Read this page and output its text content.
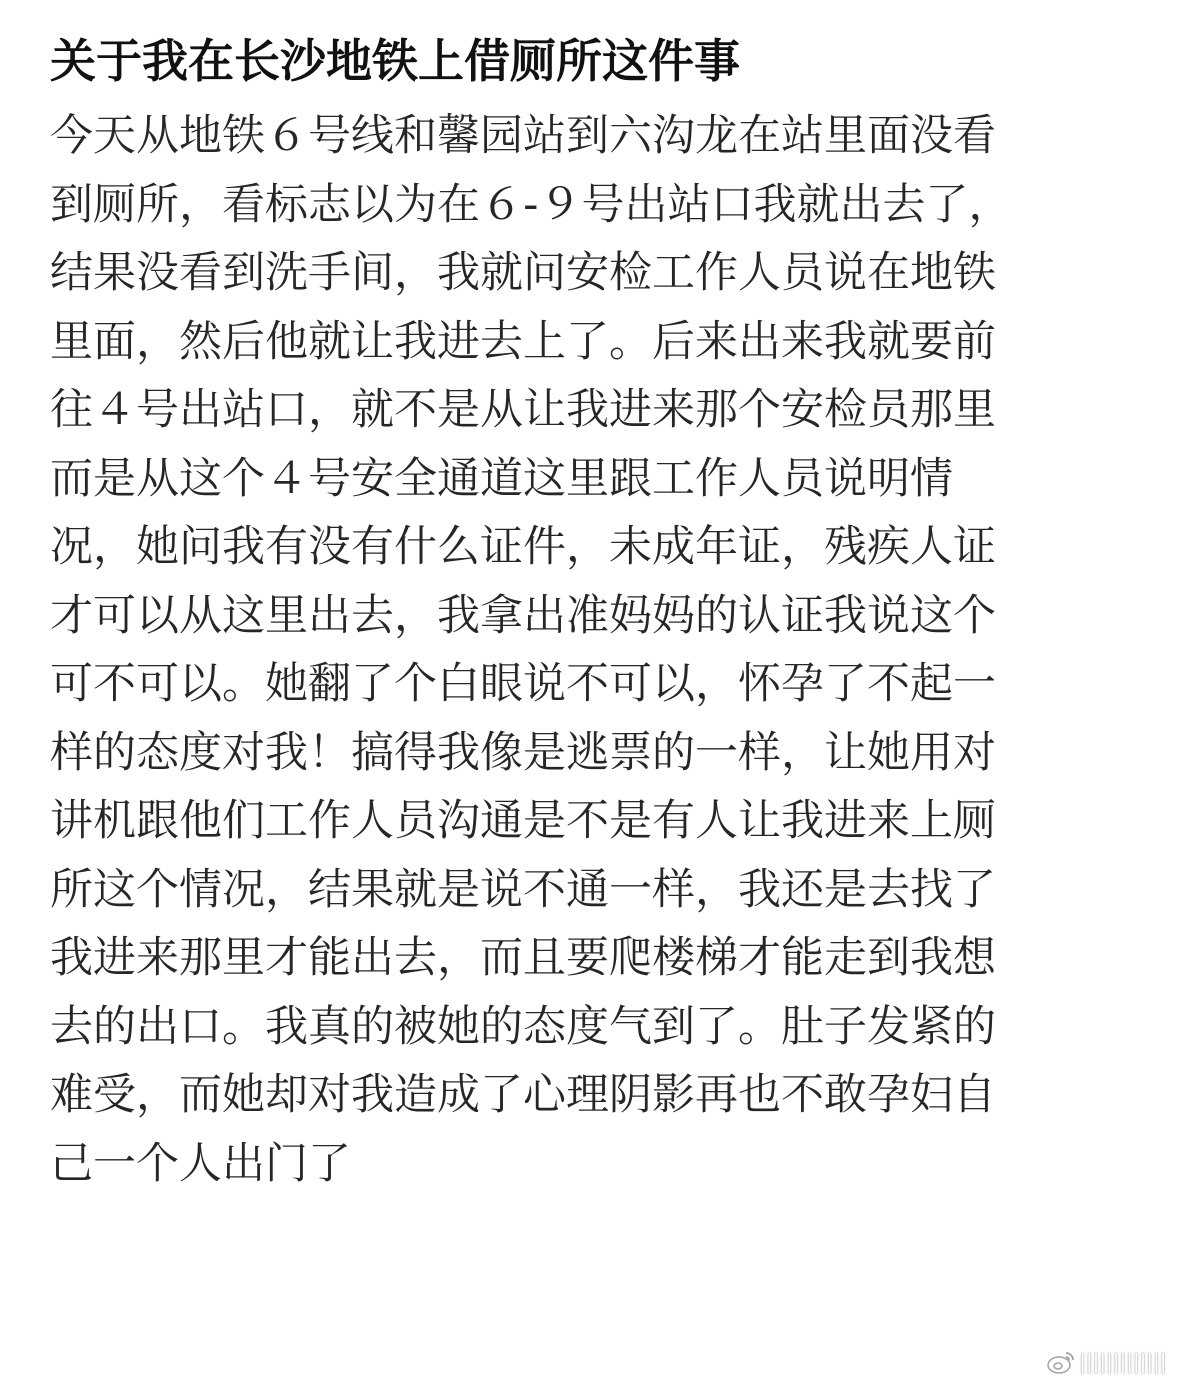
关于我在长沙地铁上借厕所这件事
今天从地铁６号线和馨园站到六沟龙在站里面没看
到厕所，看标志以为在６-９号出站口我就出去了，
结果没看到洗手间，我就问安检工作人员说在地铁
里面，然后他就让我进去上了。后来出来我就要前
往４号出站口，就不是从让我进来那个安检员那里
而是从这个４号安全通道这里跟工作人员说明情
况，她问我有没有什么证件，未成年证，残疾人证
才可以从这里出去，我拿出准妈妈的认证我说这个
可不可以。她翻了个白眼说不可以，怀孕了不起一
样的态度对我！搞得我像是逃票的一样，让她用对
讲机跟他们工作人员沟通是不是有人让我进来上厕
所这个情况，结果就是说不通一样，我还是去找了
我进来那里才能出去，而且要爬楼梯才能走到我想
去的出口。我真的被她的态度气到了。肚子发紧的
难受，而她却对我造成了心理阴影再也不敢孕妇自
己一个人出门了
|||||||||||||
